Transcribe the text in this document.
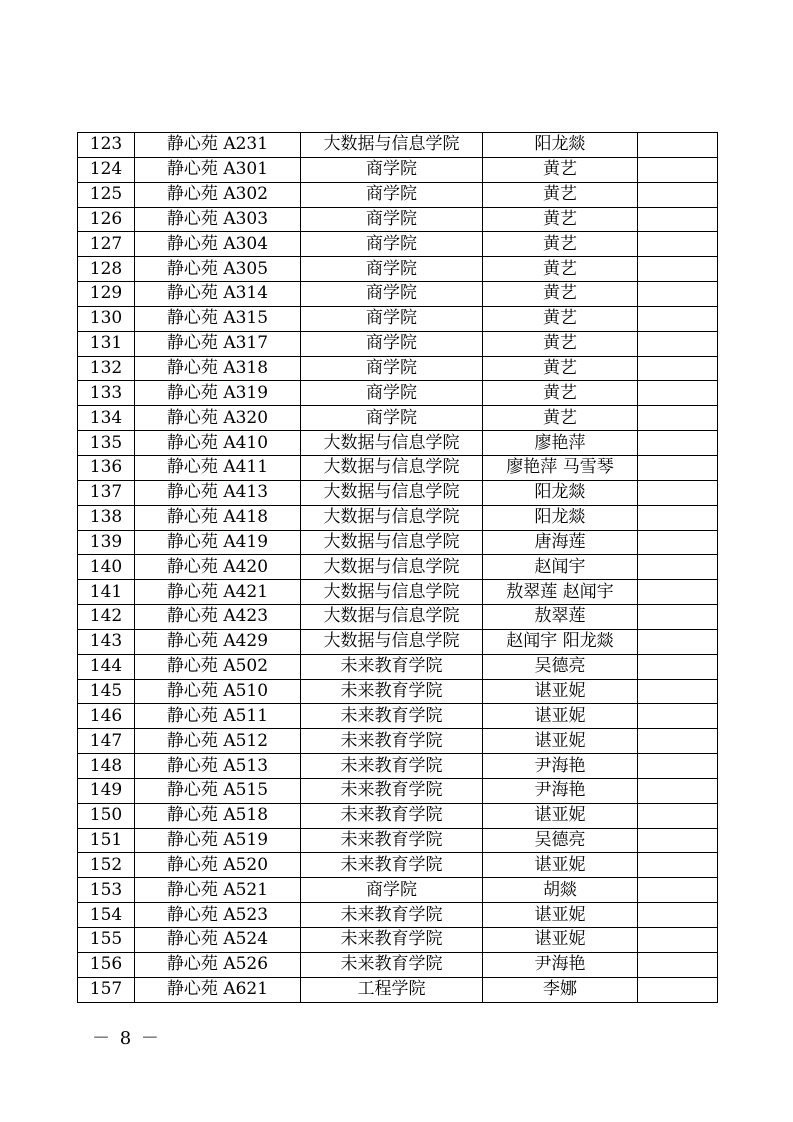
123	静心苑 A231	大数据与信息学院	阳龙燚	
124	静心苑 A301	商学院	黄艺	
125	静心苑 A302	商学院	黄艺	
126	静心苑 A303	商学院	黄艺	
127	静心苑 A304	商学院	黄艺	
128	静心苑 A305	商学院	黄艺	
129	静心苑 A314	商学院	黄艺	
130	静心苑 A315	商学院	黄艺	
131	静心苑 A317	商学院	黄艺	
132	静心苑 A318	商学院	黄艺	
133	静心苑 A319	商学院	黄艺	
134	静心苑 A320	商学院	黄艺	
135	静心苑 A410	大数据与信息学院	廖艳萍	
136	静心苑 A411	大数据与信息学院	廖艳萍 马雪琴	
137	静心苑 A413	大数据与信息学院	阳龙燚	
138	静心苑 A418	大数据与信息学院	阳龙燚	
139	静心苑 A419	大数据与信息学院	唐海莲	
140	静心苑 A420	大数据与信息学院	赵闻宇	
141	静心苑 A421	大数据与信息学院	敖翠莲 赵闻宇	
142	静心苑 A423	大数据与信息学院	敖翠莲	
143	静心苑 A429	大数据与信息学院	赵闻宇 阳龙燚	
144	静心苑 A502	未来教育学院	吴德亮	
145	静心苑 A510	未来教育学院	谌亚妮	
146	静心苑 A511	未来教育学院	谌亚妮	
147	静心苑 A512	未来教育学院	谌亚妮	
148	静心苑 A513	未来教育学院	尹海艳	
149	静心苑 A515	未来教育学院	尹海艳	
150	静心苑 A518	未来教育学院	谌亚妮	
151	静心苑 A519	未来教育学院	吴德亮	
152	静心苑 A520	未来教育学院	谌亚妮	
153	静心苑 A521	商学院	胡燚	
154	静心苑 A523	未来教育学院	谌亚妮	
155	静心苑 A524	未来教育学院	谌亚妮	
156	静心苑 A526	未来教育学院	尹海艳	
157	静心苑 A621	工程学院	李娜	
－ 8 －
